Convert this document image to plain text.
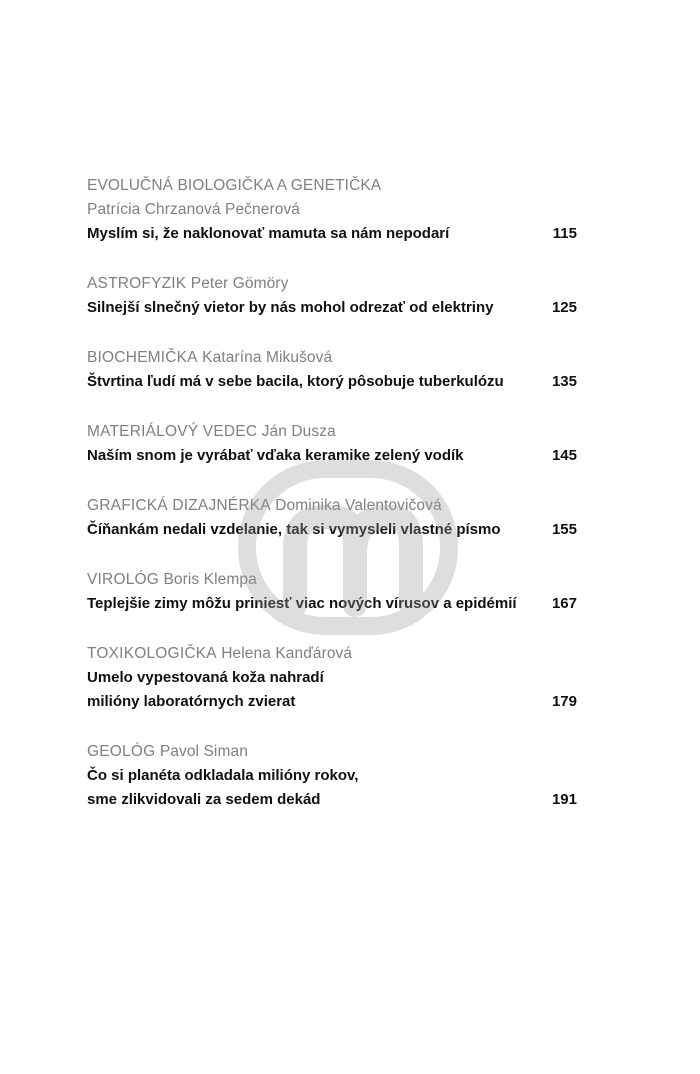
EVOLUČNÁ BIOLOGIČKA A GENETIČKA
Patrícia Chrzanová Pečnerová
Myslím si, že naklonovať mamuta sa nám nepodarí	115
ASTROFYZIK Peter Gömöry
Silnejší slnečný vietor by nás mohol odrezať od elektriny	125
BIOCHEMIČKA Katarína Mikušová
Štvrtina ľudí má v sebe bacila, ktorý pôsobuje tuberkulózu	135
MATERIÁLOVÝ VEDEC Ján Dusza
Naším snom je vyrábať vďaka keramike zelený vodík	145
GRAFICKÁ DIZAJNÉRKA Dominika Valentovičová
Číňankám nedali vzdelanie, tak si vymysleli vlastné písmo	155
VIROLÓG Boris Klempa
Teplejšie zimy môžu priniesť viac nových vírusov a epidémií	167
TOXIKOLOGIČKA Helena Kanďárová
Umelo vypestovaná koža nahradí
milióny laboratórnych zvierat	179
GEOLÓG Pavol Siman
Čo si planéta odkladala milióny rokov,
sme zlikvidovali za sedem dekád	191
